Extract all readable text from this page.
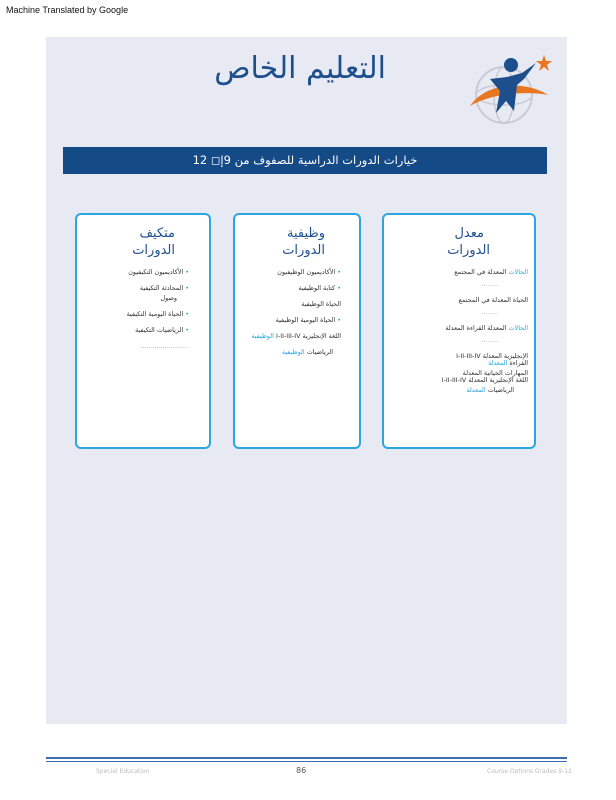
Machine Translated by Google
التعليم الخاص
خيارات الدورات الدراسية للصفوف من 9إ◻ 12
متكيف
الدورات
• الأكاديميون التكيفيون
• المحادثة التكيفية
وصول
• الحياة اليومية التكيفية
• الرياضيات التكيفية
........................
وظيفية
الدورات
• الأكاديميون الوظيفيون
• كتابة الوظيفية
الحياة الوظيفية
• الحياة اليومية الوظيفية
اللغة الإنجليزية I-II-III-IV الوظيفية
الرياضيات الوظيفية
معدل
الدورات
الحالات المعدلة في المجتمع
........
الحياة المعدلة في المجتمع
........
الحالات المعدلة القراءة المعدلة
........
الإنجليزية المعدلة I-II-III-IV
القراءة المعدلة
المهارات الحياتية المعدلة
اللغة الإنجليزية المعدلة I-II-III-IV
الرياضيات المعدلة
Special Education	86	Course Options Grades 9-12
